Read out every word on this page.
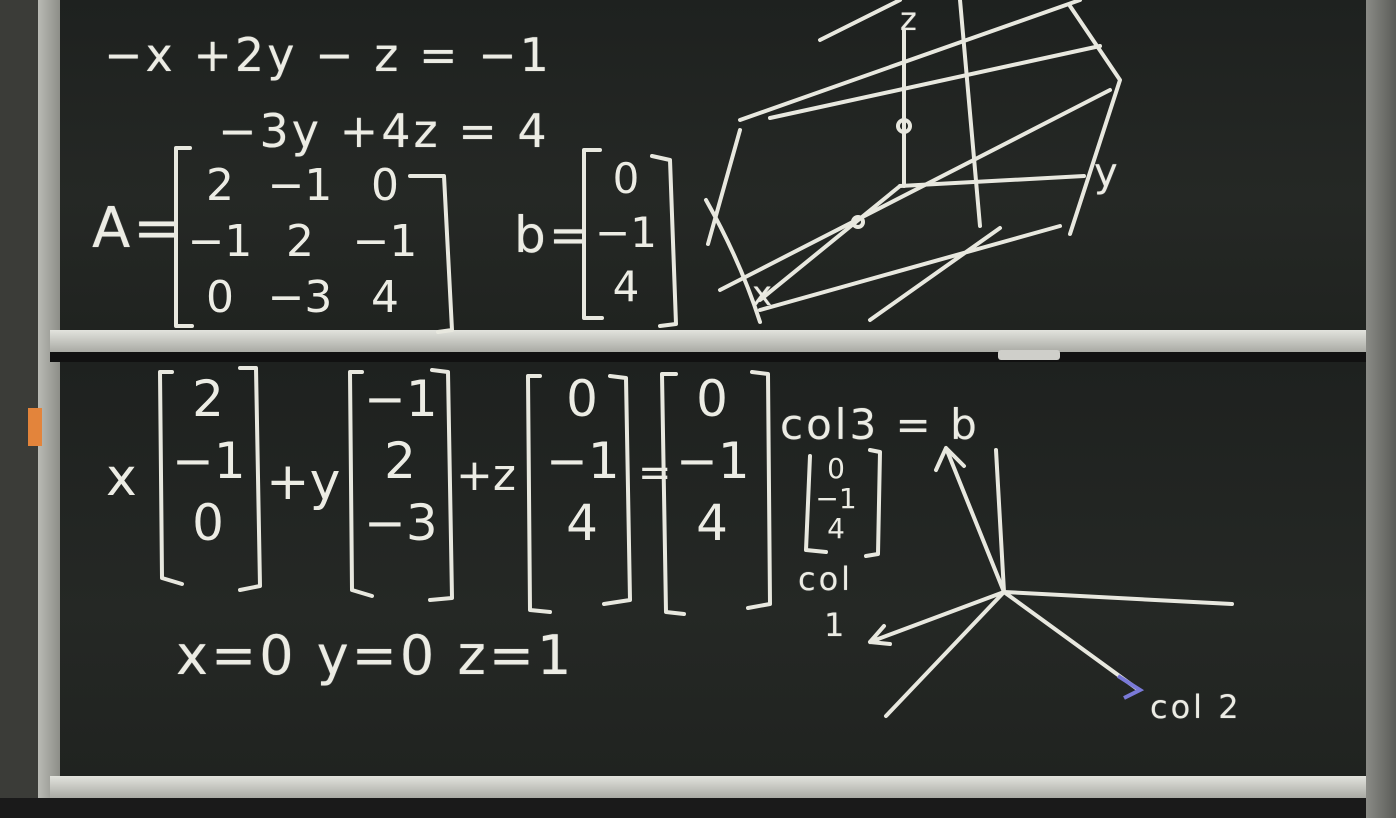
−x +2y − z = −1
−3y +4z = 4
A=
2 −1 0
−1 2 −1
0 −3 4
b=
0
−1
4	x
y
z
x
2
−1
0
+y
−1
2
−3
+z
0
−1
4
=
0
−1
4
col3 = b
0
−1
4
col
1
col 2
x=0 y=0 z=1
